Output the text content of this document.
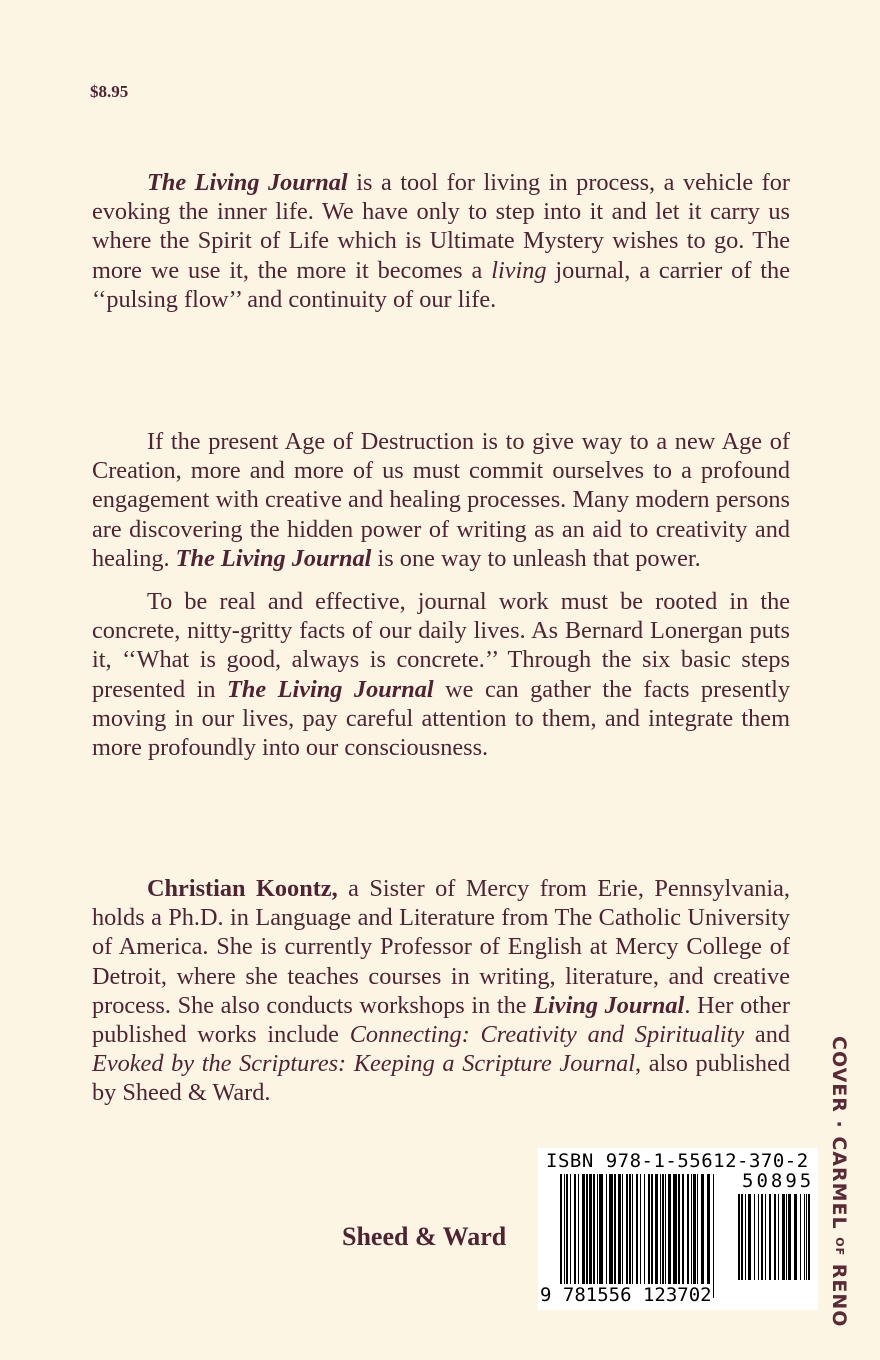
$8.95

The Living Journal is a tool for living in process, a vehicle for evoking the inner life. We have only to step into it and let it carry us where the Spirit of Life which is Ultimate Mystery wishes to go. The more we use it, the more it becomes a living journal, a carrier of the ‘‘pulsing flow’’ and continuity of our life.

If the present Age of Destruction is to give way to a new Age of Creation, more and more of us must commit ourselves to a profound engagement with creative and healing processes. Many modern persons are discovering the hidden power of writing as an aid to creativity and healing. The Living Journal is one way to unleash that power.

To be real and effective, journal work must be rooted in the concrete, nitty-gritty facts of our daily lives. As Bernard Lonergan puts it, ‘‘What is good, always is concrete.’’ Through the six basic steps presented in The Living Journal we can gather the facts presently moving in our lives, pay careful attention to them, and integrate them more profoundly into our consciousness.

Christian Koontz, a Sister of Mercy from Erie, Pennsylvania, holds a Ph.D. in Language and Literature from The Catholic University of America. She is currently Professor of English at Mercy College of Detroit, where she teaches courses in writing, literature, and creative process. She also conducts workshops in the Living Journal. Her other published works include Connecting: Creativity and Spirituality and Evoked by the Scriptures: Keeping a Scripture Journal, also published by Sheed & Ward.

Sheed & Ward
ISBN 978-1-55612-370-2
50895
9 781556 123702
COVER · CARMEL OF RENO
